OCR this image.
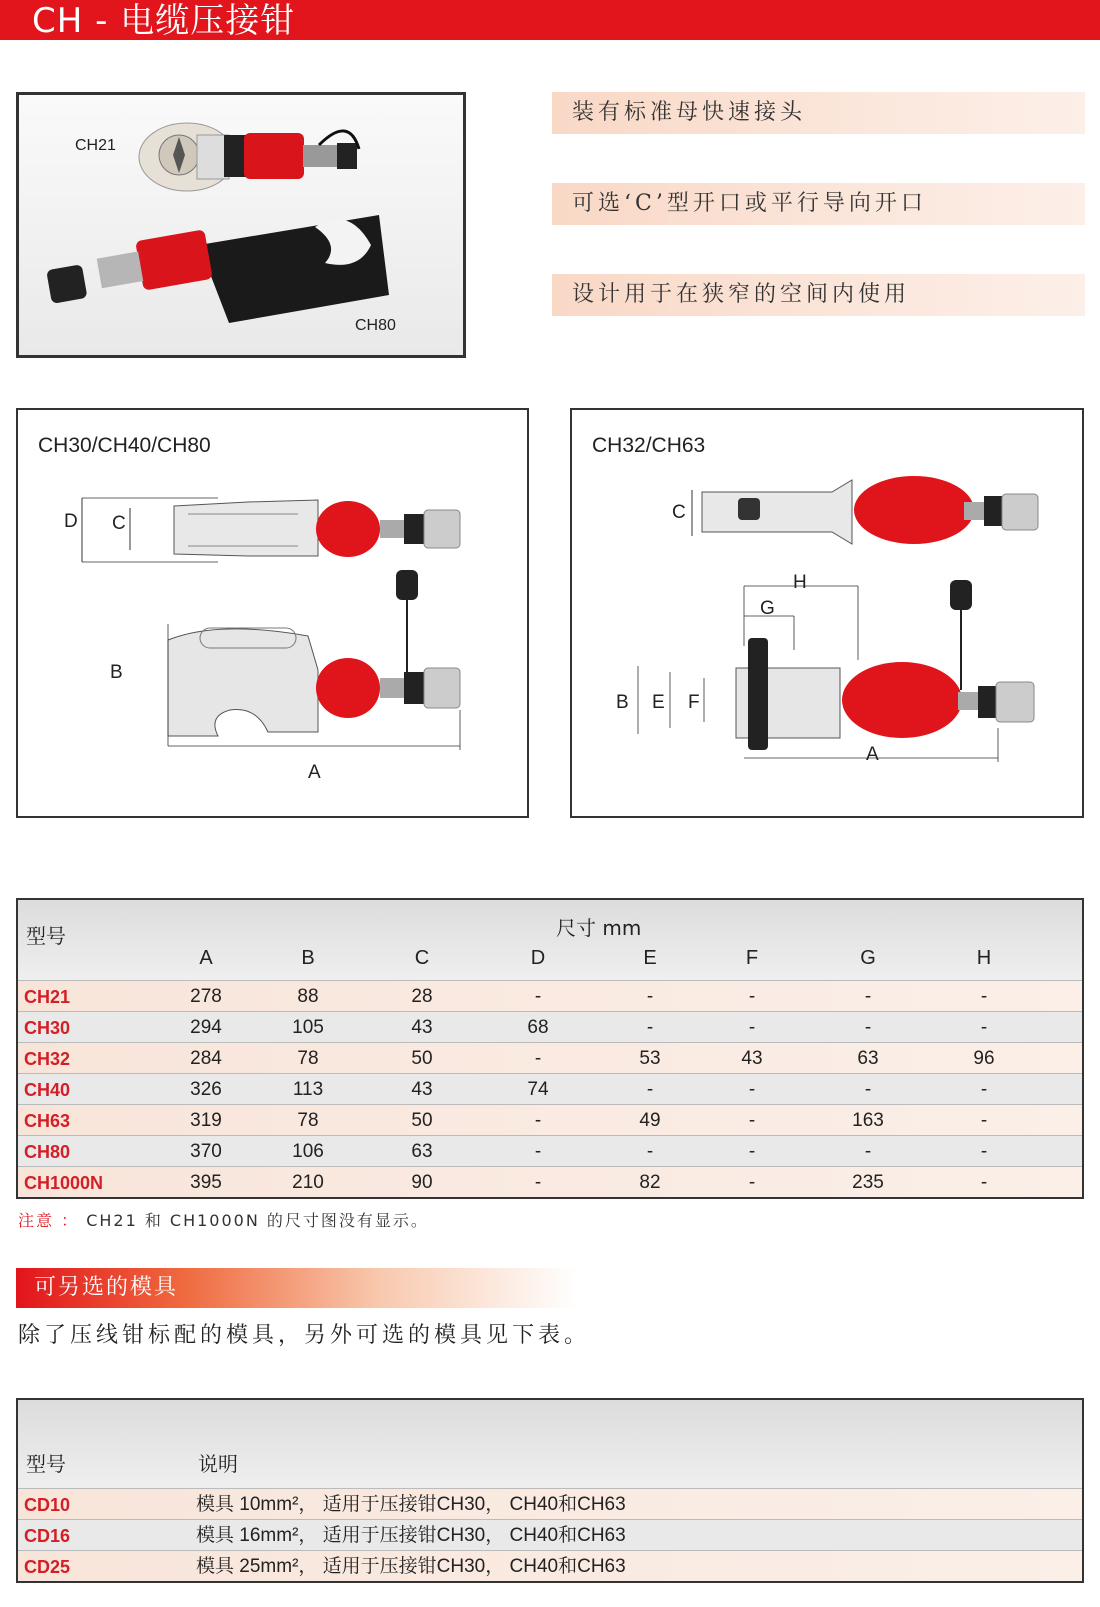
CH - 电缆压接钳
CH21
CH80
装有标准母快速接头
可选‘C’型开口或平行导向开口
设计用于在狭窄的空间内使用
CH30/CH40/CH80
D C
B
A
CH32/CH63
C
H
G
B E F
A
型号	尺寸 mm
A	B	C	D	E	F	G	H
CH21	278	88	28	-	-	-	-	-
CH30	294	105	43	68	-	-	-	-
CH32	284	78	50	-	53	43	63	96
CH40	326	113	43	74	-	-	-	-
CH63	319	78	50	-	49	-	163	-
CH80	370	106	63	-	-	-	-	-
CH1000N	395	210	90	-	82	-	235	-
注意 ： CH21 和 CH1000N 的尺寸图没有显示。
可另选的模具
除了压线钳标配的模具，另外可选的模具见下表。
型号	说明
CD10	模具 10mm²， 适用于压接钳CH30， CH40和CH63
CD16	模具 16mm²， 适用于压接钳CH30， CH40和CH63
CD25	模具 25mm²， 适用于压接钳CH30， CH40和CH63
